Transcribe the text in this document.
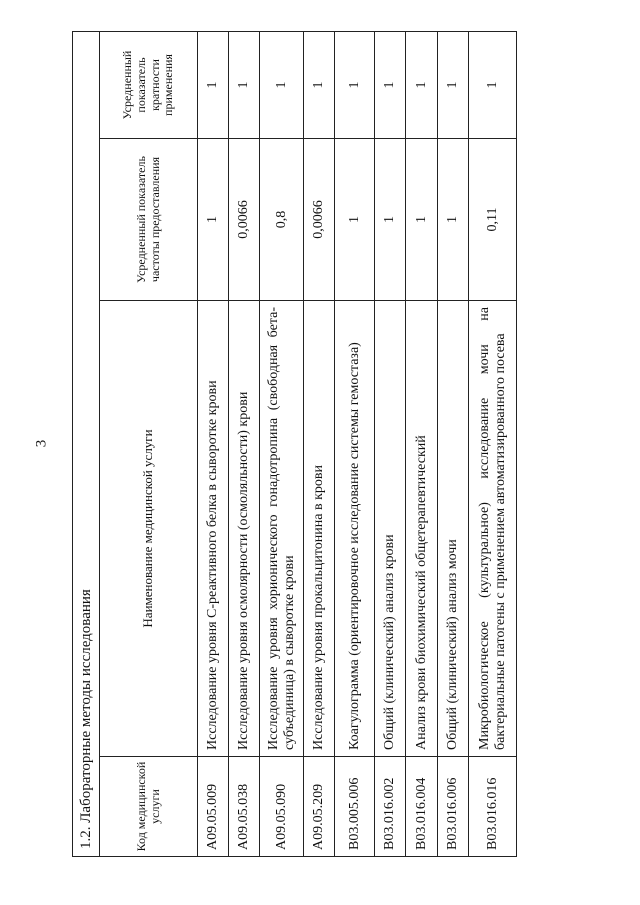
3
1.2. Лабораторные методы исследования			
Код медицинской услуги	Наименование медицинской услуги	Усредненный показатель частоты предоставления	Усредненный показатель кратности применения
A09.05.009	Исследование уровня С-реактивного белка в сыворотке крови	1	1
A09.05.038	Исследование уровня осмолярности (осмоляльности) крови	0,0066	1
A09.05.090	Исследование уровня хорионического гонадотропина (свободная бета-субъединица) в сыворотке крови	0,8	1
A09.05.209	Исследование уровня прокальцитонина в крови	0,0066	1
B03.005.006	Коагулограмма (ориентировочное исследование системы гемостаза)	1	1
B03.016.002	Общий (клинический) анализ крови	1	1
B03.016.004	Анализ крови биохимический общетерапевтический	1	1
B03.016.006	Общий (клинический) анализ мочи	1	1
B03.016.016	Микробиологическое (культуральное) исследование мочи на бактериальные патогены с применением автоматизированного посева	0,11	1
